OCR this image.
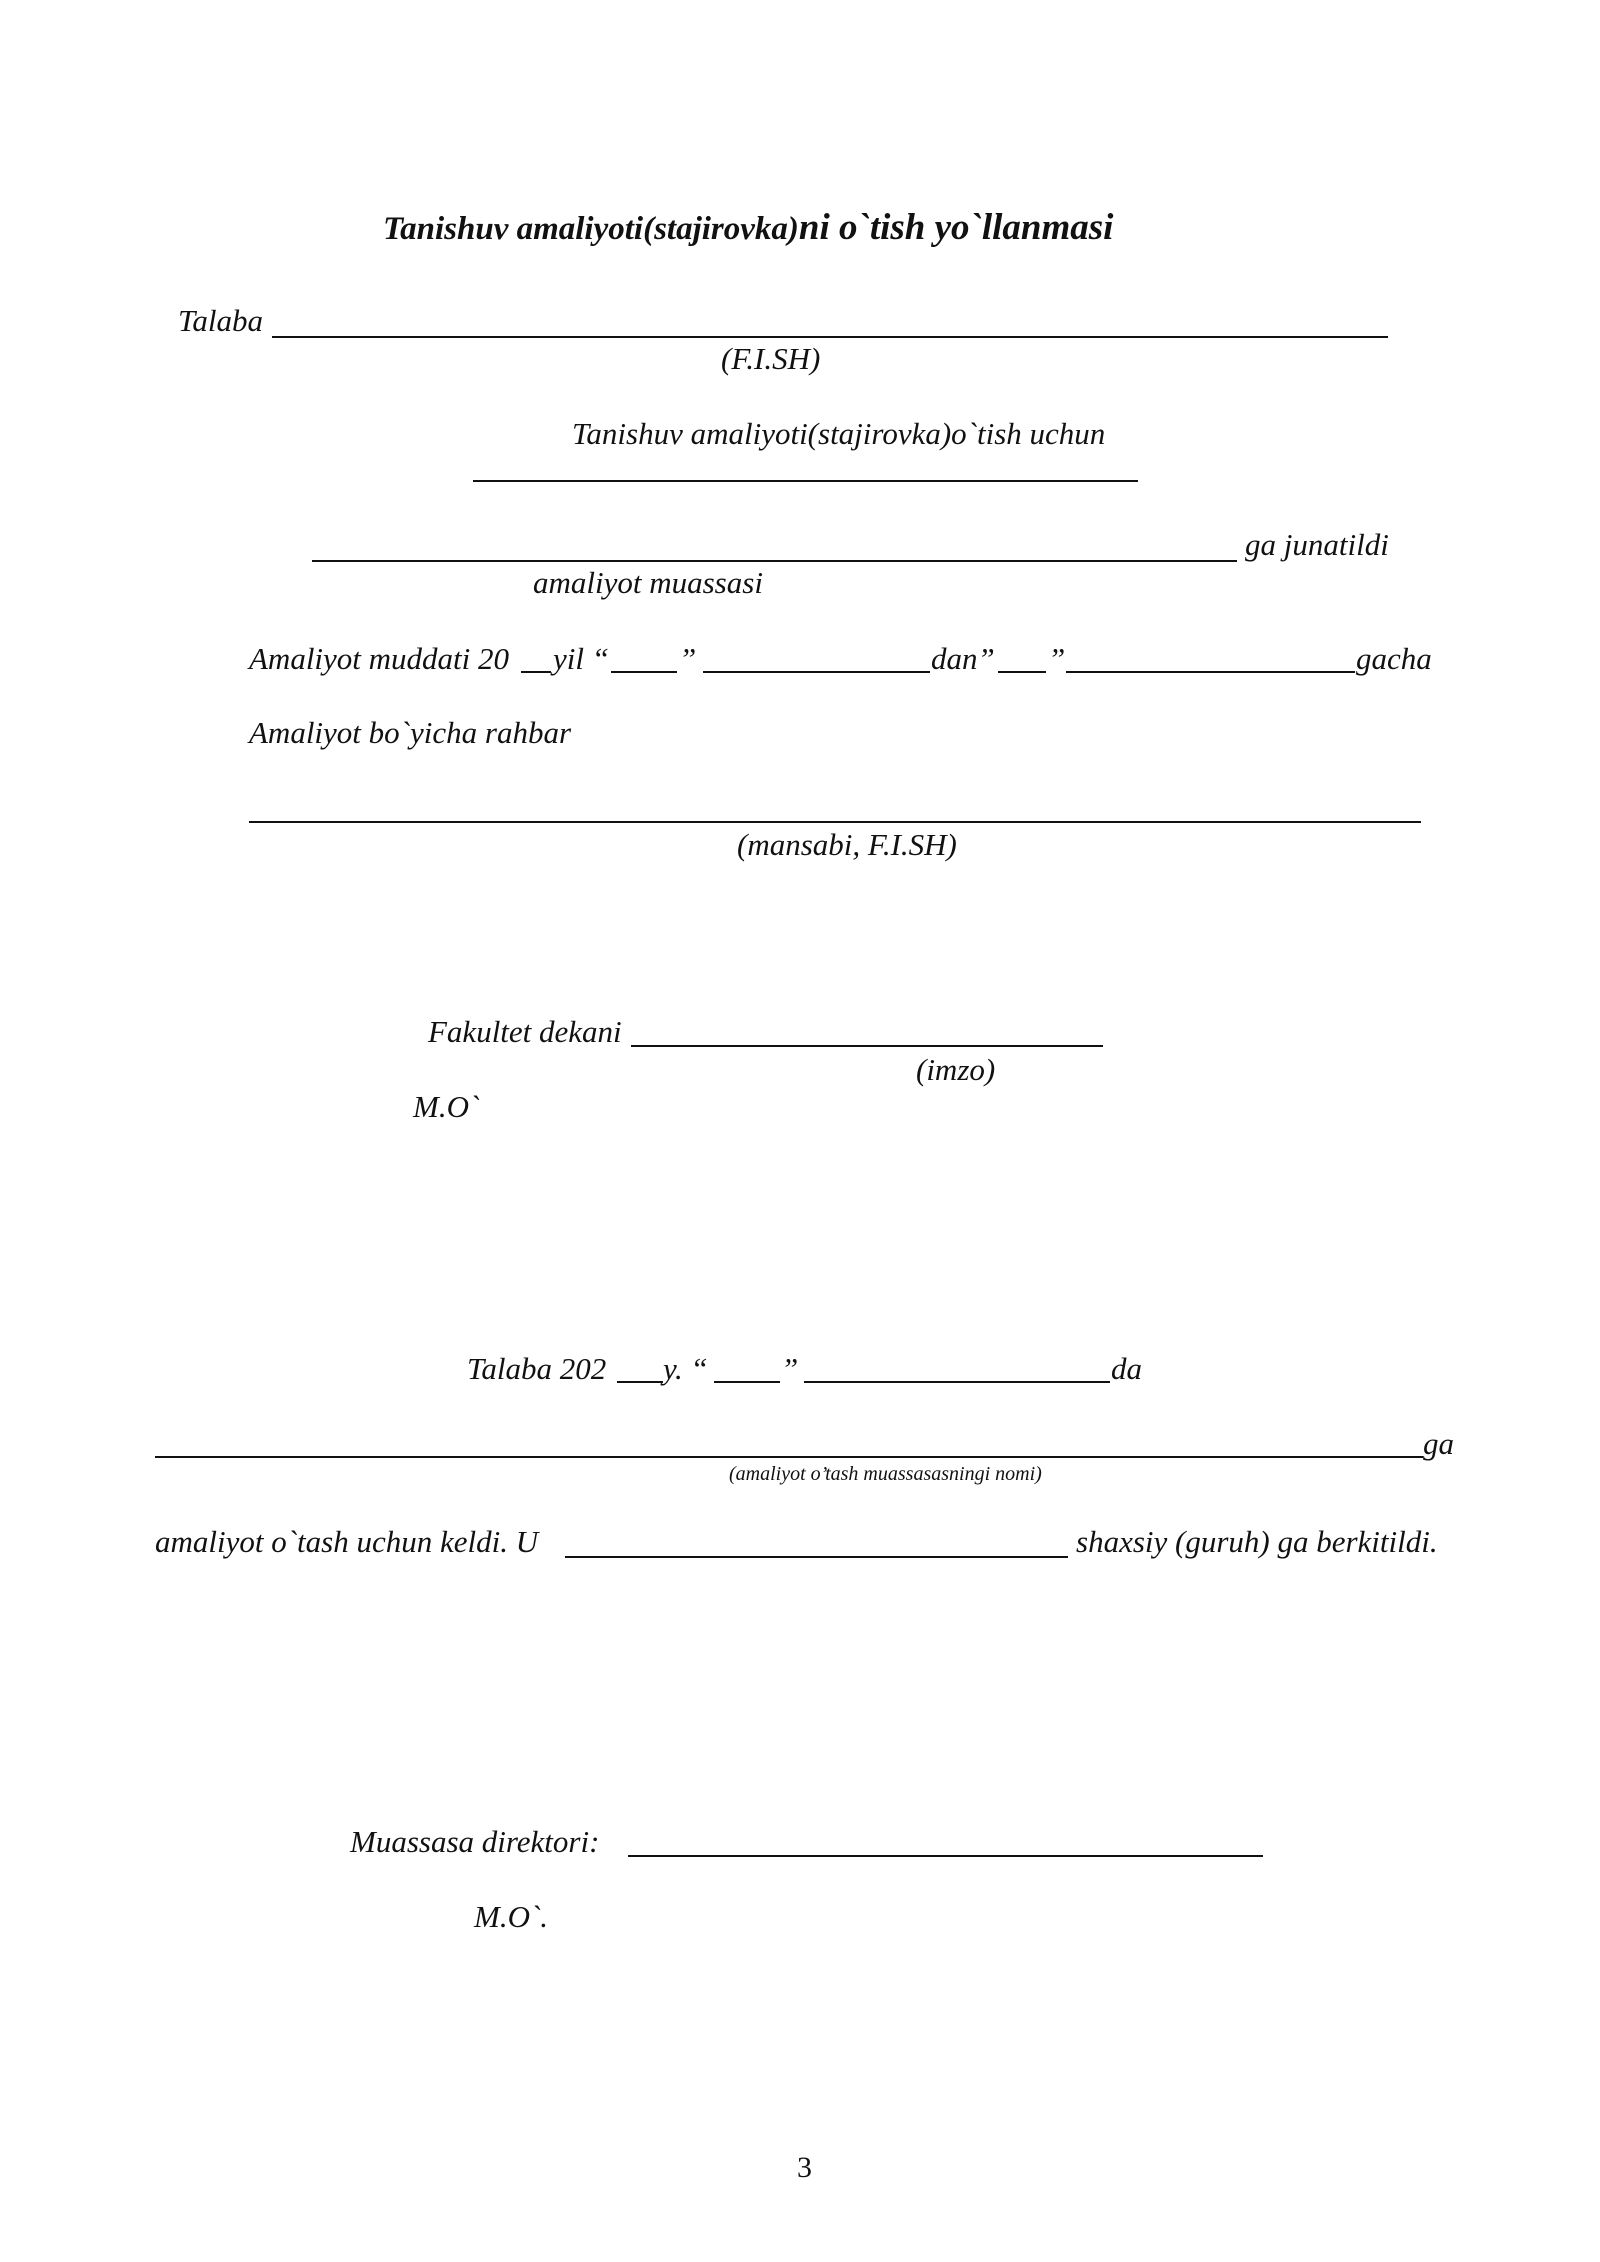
Tanishuv amaliyoti(stajirovka)ni o`tish yo`llanmasi
Talaba
(F.I.SH)
Tanishuv amaliyoti(stajirovka)o`tish uchun
ga junatildi
amaliyot muassasi
Amaliyot muddati 20 yil “ ”	dan” ”	gacha
Amaliyot bo`yicha rahbar
(mansabi, F.I.SH)
Fakultet dekani
(imzo)
M.O`
Talaba 202 y. “ ”	da
ga
(amaliyot o’tash muassasasningi nomi)
amaliyot o`tash uchun keldi. U	shaxsiy (guruh) ga berkitildi.
Muassasa direktori:
M.O`.
3
